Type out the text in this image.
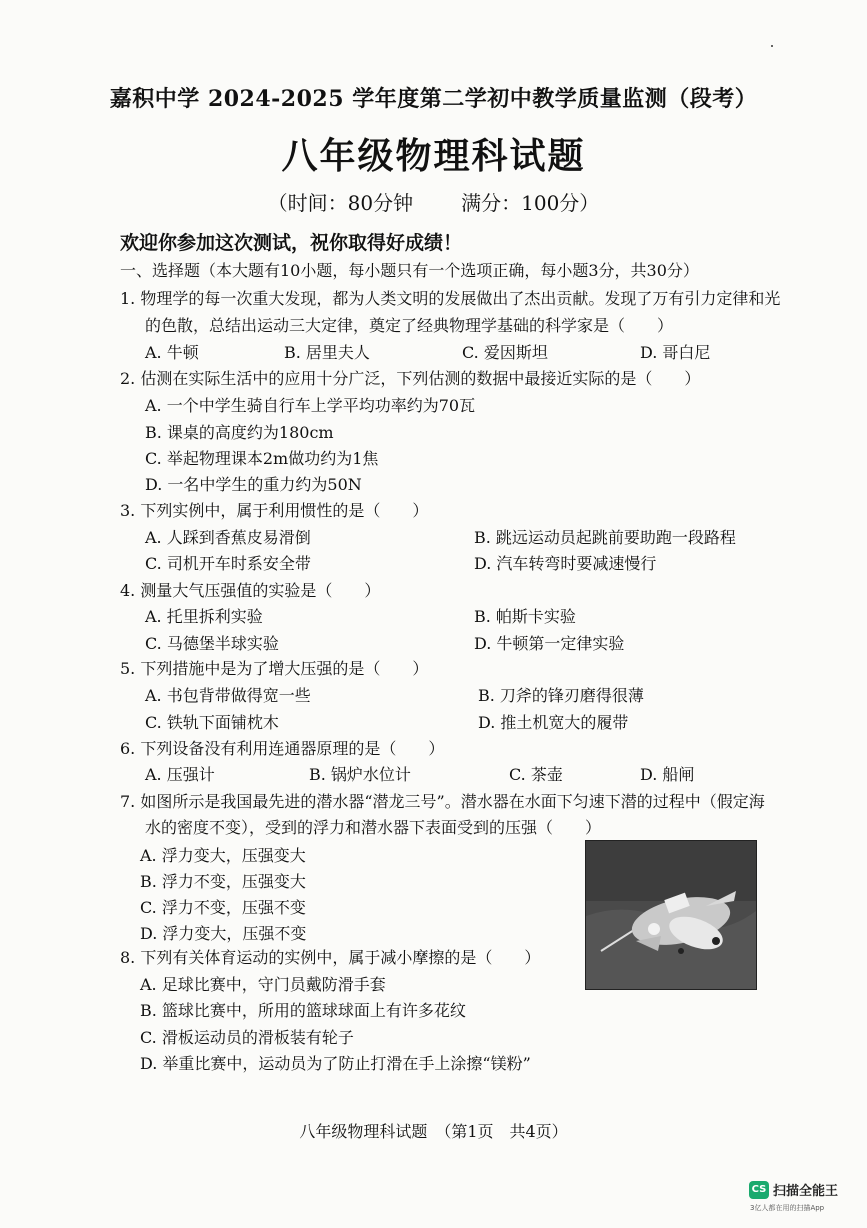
嘉积中学 2024-2025 学年度第二学初中教学质量监测（段考）
八年级物理科试题
（时间：80分钟 满分：100分）
欢迎你参加这次测试，祝你取得好成绩！
一、选择题（本大题有10小题，每小题只有一个选项正确，每小题3分，共30分）
1. 物理学的每一次重大发现，都为人类文明的发展做出了杰出贡献。发现了万有引力定律和光
的色散，总结出运动三大定律，奠定了经典物理学基础的科学家是（　　）
A. 牛顿	B. 居里夫人	C. 爱因斯坦	D. 哥白尼
2. 估测在实际生活中的应用十分广泛，下列估测的数据中最接近实际的是（　　）
A. 一个中学生骑自行车上学平均功率约为70瓦
B. 课桌的高度约为180cm
C. 举起物理课本2m做功约为1焦
D. 一名中学生的重力约为50N
3. 下列实例中，属于利用惯性的是（　　）
A. 人踩到香蕉皮易滑倒	B. 跳远运动员起跳前要助跑一段路程
C. 司机开车时系安全带	D. 汽车转弯时要减速慢行
4. 测量大气压强值的实验是（　　）
A. 托里拆利实验	B. 帕斯卡实验
C. 马德堡半球实验	D. 牛顿第一定律实验
5. 下列措施中是为了增大压强的是（　　）
A. 书包背带做得宽一些	B. 刀斧的锋刃磨得很薄
C. 铁轨下面铺枕木	D. 推土机宽大的履带
6. 下列设备没有利用连通器原理的是（　　）
A. 压强计	B. 锅炉水位计	C. 茶壶	D. 船闸
7. 如图所示是我国最先进的潜水器“潜龙三号”。潜水器在水面下匀速下潜的过程中（假定海
水的密度不变），受到的浮力和潜水器下表面受到的压强（　　）
A. 浮力变大，压强变大
B. 浮力不变，压强变大
C. 浮力不变，压强不变
D. 浮力变大，压强不变
8. 下列有关体育运动的实例中，属于减小摩擦的是（　　）
A. 足球比赛中，守门员戴防滑手套
B. 篮球比赛中，所用的篮球球面上有许多花纹
C. 滑板运动员的滑板装有轮子
D. 举重比赛中，运动员为了防止打滑在手上涂擦“镁粉”
八年级物理科试题　（第1页　共4页）
CS 扫描全能王
3亿人都在用的扫描App
